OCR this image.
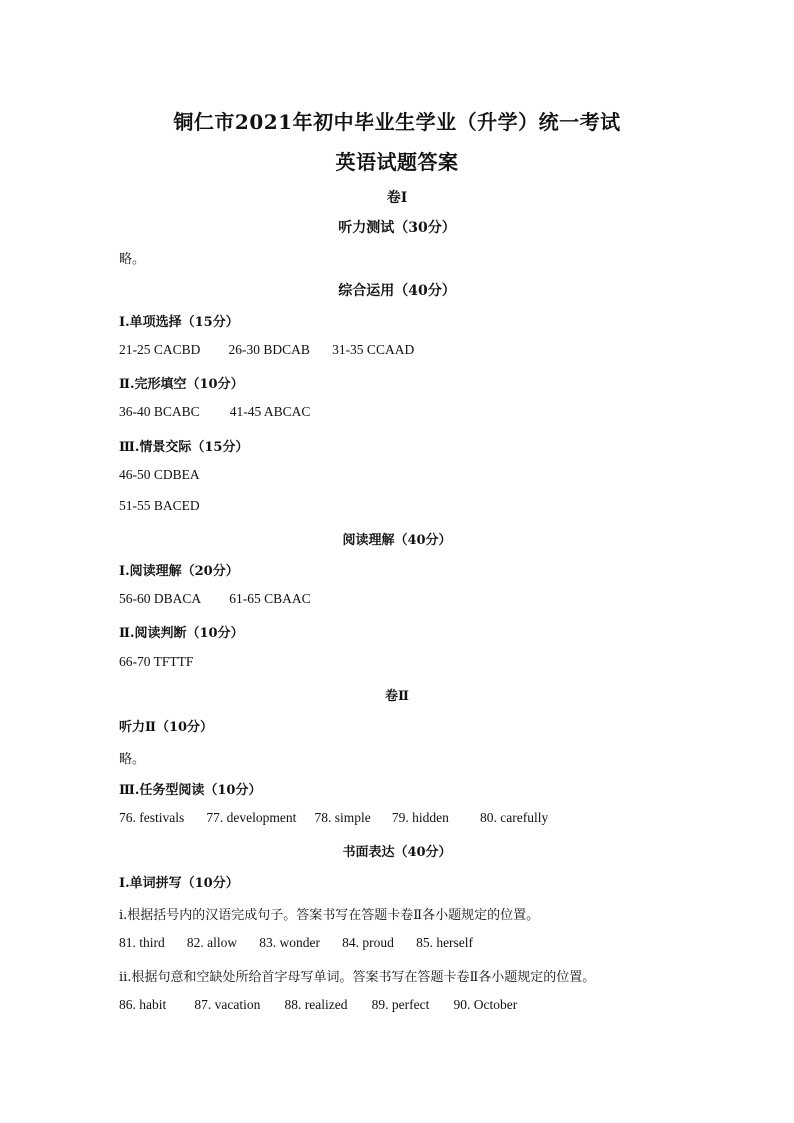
铜仁市2021年初中毕业生学业（升学）统一考试
英语试题答案
卷Ⅰ
听力测试（30分）
略。
综合运用（40分）
Ⅰ.单项选择（15分）
21-25 CACBD 26-30 BDCAB 31-35 CCAAD
Ⅱ.完形填空（10分）
36-40 BCABC 41-45 ABCAC
Ⅲ.情景交际（15分）
46-50 CDBEA
51-55 BACED
阅读理解（40分）
I.阅读理解（20分）
56-60 DBACA 61-65 CBAAC
Ⅱ.阅读判断（10分）
66-70 TFTTF
卷Ⅱ
听力Ⅱ（10分）
略。
Ⅲ.任务型阅读（10分）
76. festivals 77. development 78. simple 79. hidden 80. carefully
书面表达（40分）
I.单词拼写（10分）
i.根据括号内的汉语完成句子。答案书写在答题卡卷Ⅱ各小题规定的位置。
81. third 82. allow 83. wonder 84. proud 85. herself
ii.根据句意和空缺处所给首字母写单词。答案书写在答题卡卷Ⅱ各小题规定的位置。
86. habit 87. vacation 88. realized 89. perfect 90. October
